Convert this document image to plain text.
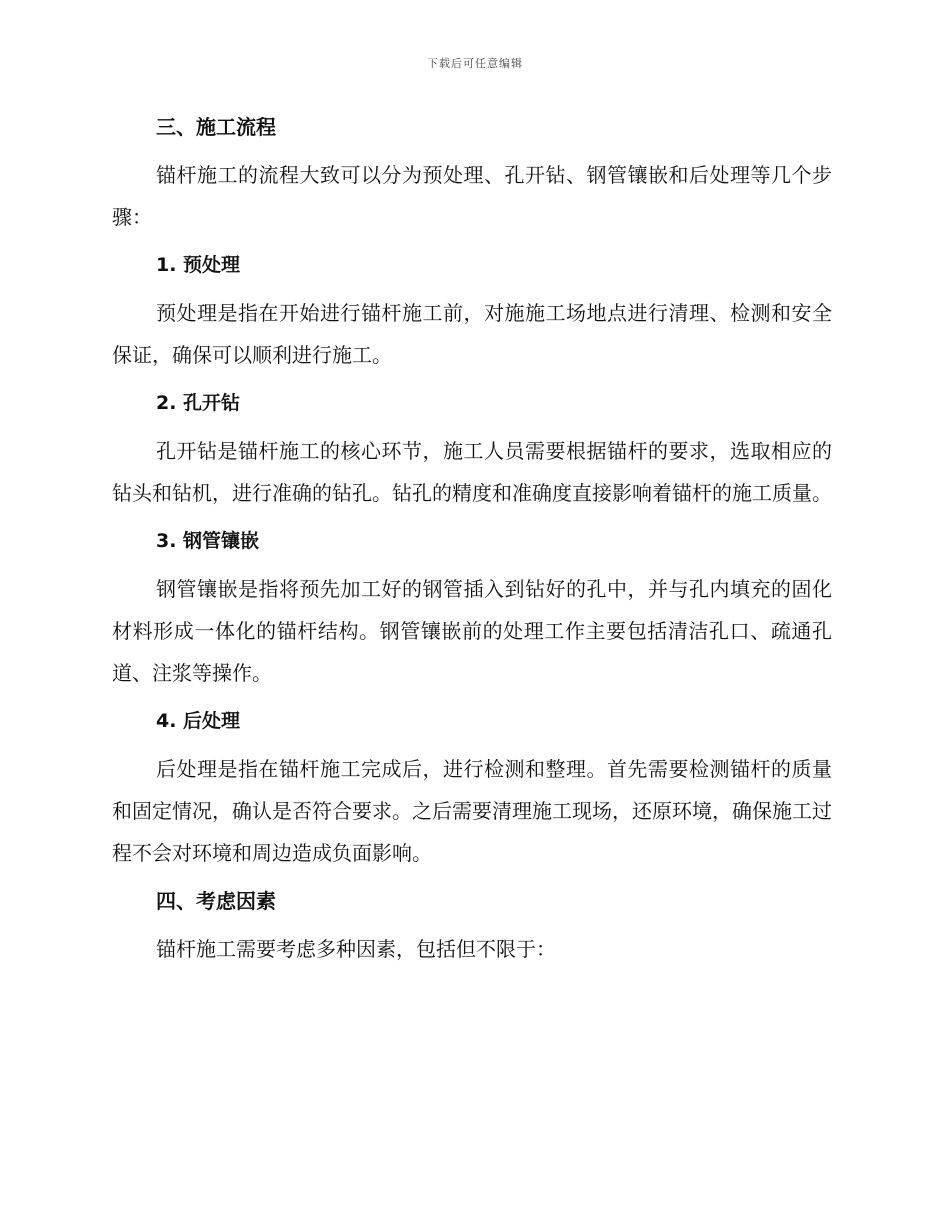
下载后可任意编辑
三、施工流程

锚杆施工的流程大致可以分为预处理、孔开钻、钢管镶嵌和后处理等几个步骤：

1. 预处理

预处理是指在开始进行锚杆施工前，对施施工场地点进行清理、检测和安全保证，确保可以顺利进行施工。

2. 孔开钻

孔开钻是锚杆施工的核心环节，施工人员需要根据锚杆的要求，选取相应的钻头和钻机，进行准确的钻孔。钻孔的精度和准确度直接影响着锚杆的施工质量。

3. 钢管镶嵌

钢管镶嵌是指将预先加工好的钢管插入到钻好的孔中，并与孔内填充的固化材料形成一体化的锚杆结构。钢管镶嵌前的处理工作主要包括清洁孔口、疏通孔道、注浆等操作。

4. 后处理

后处理是指在锚杆施工完成后，进行检测和整理。首先需要检测锚杆的质量和固定情况，确认是否符合要求。之后需要清理施工现场，还原环境，确保施工过程不会对环境和周边造成负面影响。

四、考虑因素

锚杆施工需要考虑多种因素，包括但不限于：
